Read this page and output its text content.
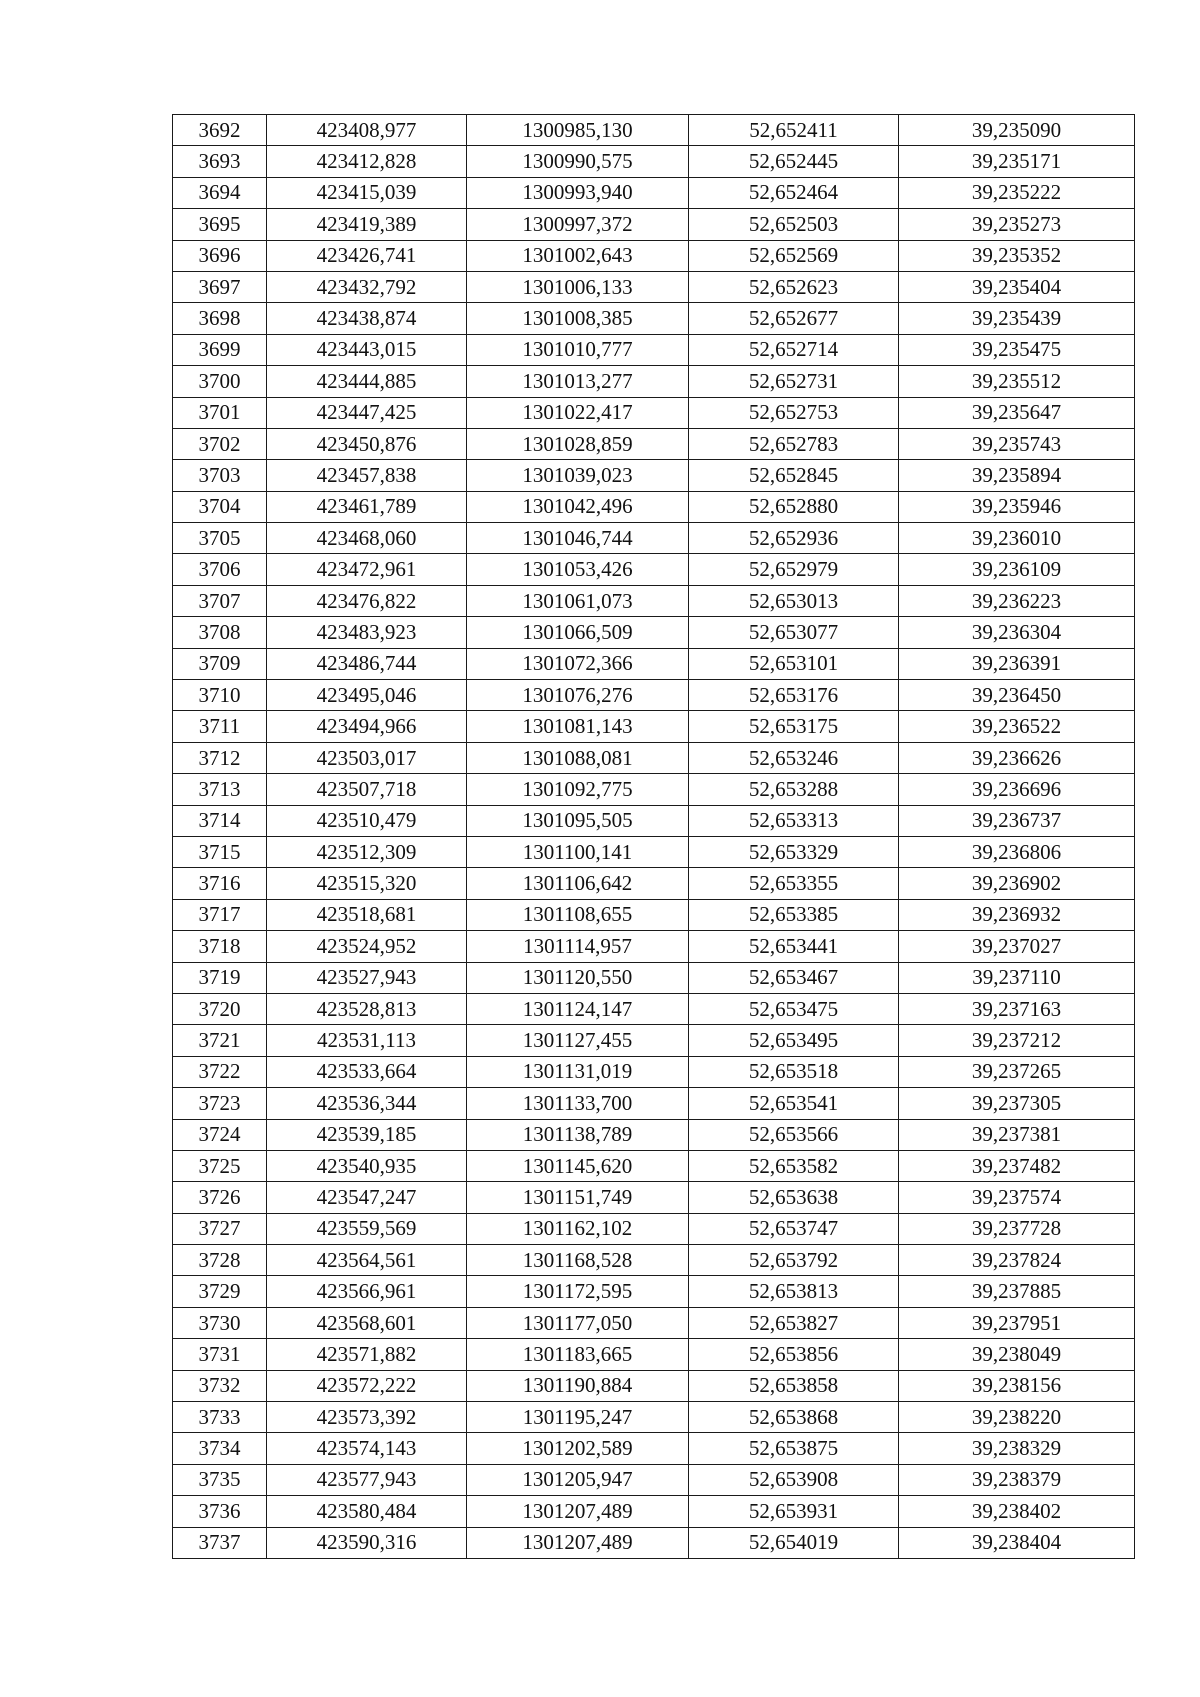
3692	423408,977	1300985,130	52,652411	39,235090
3693	423412,828	1300990,575	52,652445	39,235171
3694	423415,039	1300993,940	52,652464	39,235222
3695	423419,389	1300997,372	52,652503	39,235273
3696	423426,741	1301002,643	52,652569	39,235352
3697	423432,792	1301006,133	52,652623	39,235404
3698	423438,874	1301008,385	52,652677	39,235439
3699	423443,015	1301010,777	52,652714	39,235475
3700	423444,885	1301013,277	52,652731	39,235512
3701	423447,425	1301022,417	52,652753	39,235647
3702	423450,876	1301028,859	52,652783	39,235743
3703	423457,838	1301039,023	52,652845	39,235894
3704	423461,789	1301042,496	52,652880	39,235946
3705	423468,060	1301046,744	52,652936	39,236010
3706	423472,961	1301053,426	52,652979	39,236109
3707	423476,822	1301061,073	52,653013	39,236223
3708	423483,923	1301066,509	52,653077	39,236304
3709	423486,744	1301072,366	52,653101	39,236391
3710	423495,046	1301076,276	52,653176	39,236450
3711	423494,966	1301081,143	52,653175	39,236522
3712	423503,017	1301088,081	52,653246	39,236626
3713	423507,718	1301092,775	52,653288	39,236696
3714	423510,479	1301095,505	52,653313	39,236737
3715	423512,309	1301100,141	52,653329	39,236806
3716	423515,320	1301106,642	52,653355	39,236902
3717	423518,681	1301108,655	52,653385	39,236932
3718	423524,952	1301114,957	52,653441	39,237027
3719	423527,943	1301120,550	52,653467	39,237110
3720	423528,813	1301124,147	52,653475	39,237163
3721	423531,113	1301127,455	52,653495	39,237212
3722	423533,664	1301131,019	52,653518	39,237265
3723	423536,344	1301133,700	52,653541	39,237305
3724	423539,185	1301138,789	52,653566	39,237381
3725	423540,935	1301145,620	52,653582	39,237482
3726	423547,247	1301151,749	52,653638	39,237574
3727	423559,569	1301162,102	52,653747	39,237728
3728	423564,561	1301168,528	52,653792	39,237824
3729	423566,961	1301172,595	52,653813	39,237885
3730	423568,601	1301177,050	52,653827	39,237951
3731	423571,882	1301183,665	52,653856	39,238049
3732	423572,222	1301190,884	52,653858	39,238156
3733	423573,392	1301195,247	52,653868	39,238220
3734	423574,143	1301202,589	52,653875	39,238329
3735	423577,943	1301205,947	52,653908	39,238379
3736	423580,484	1301207,489	52,653931	39,238402
3737	423590,316	1301207,489	52,654019	39,238404
